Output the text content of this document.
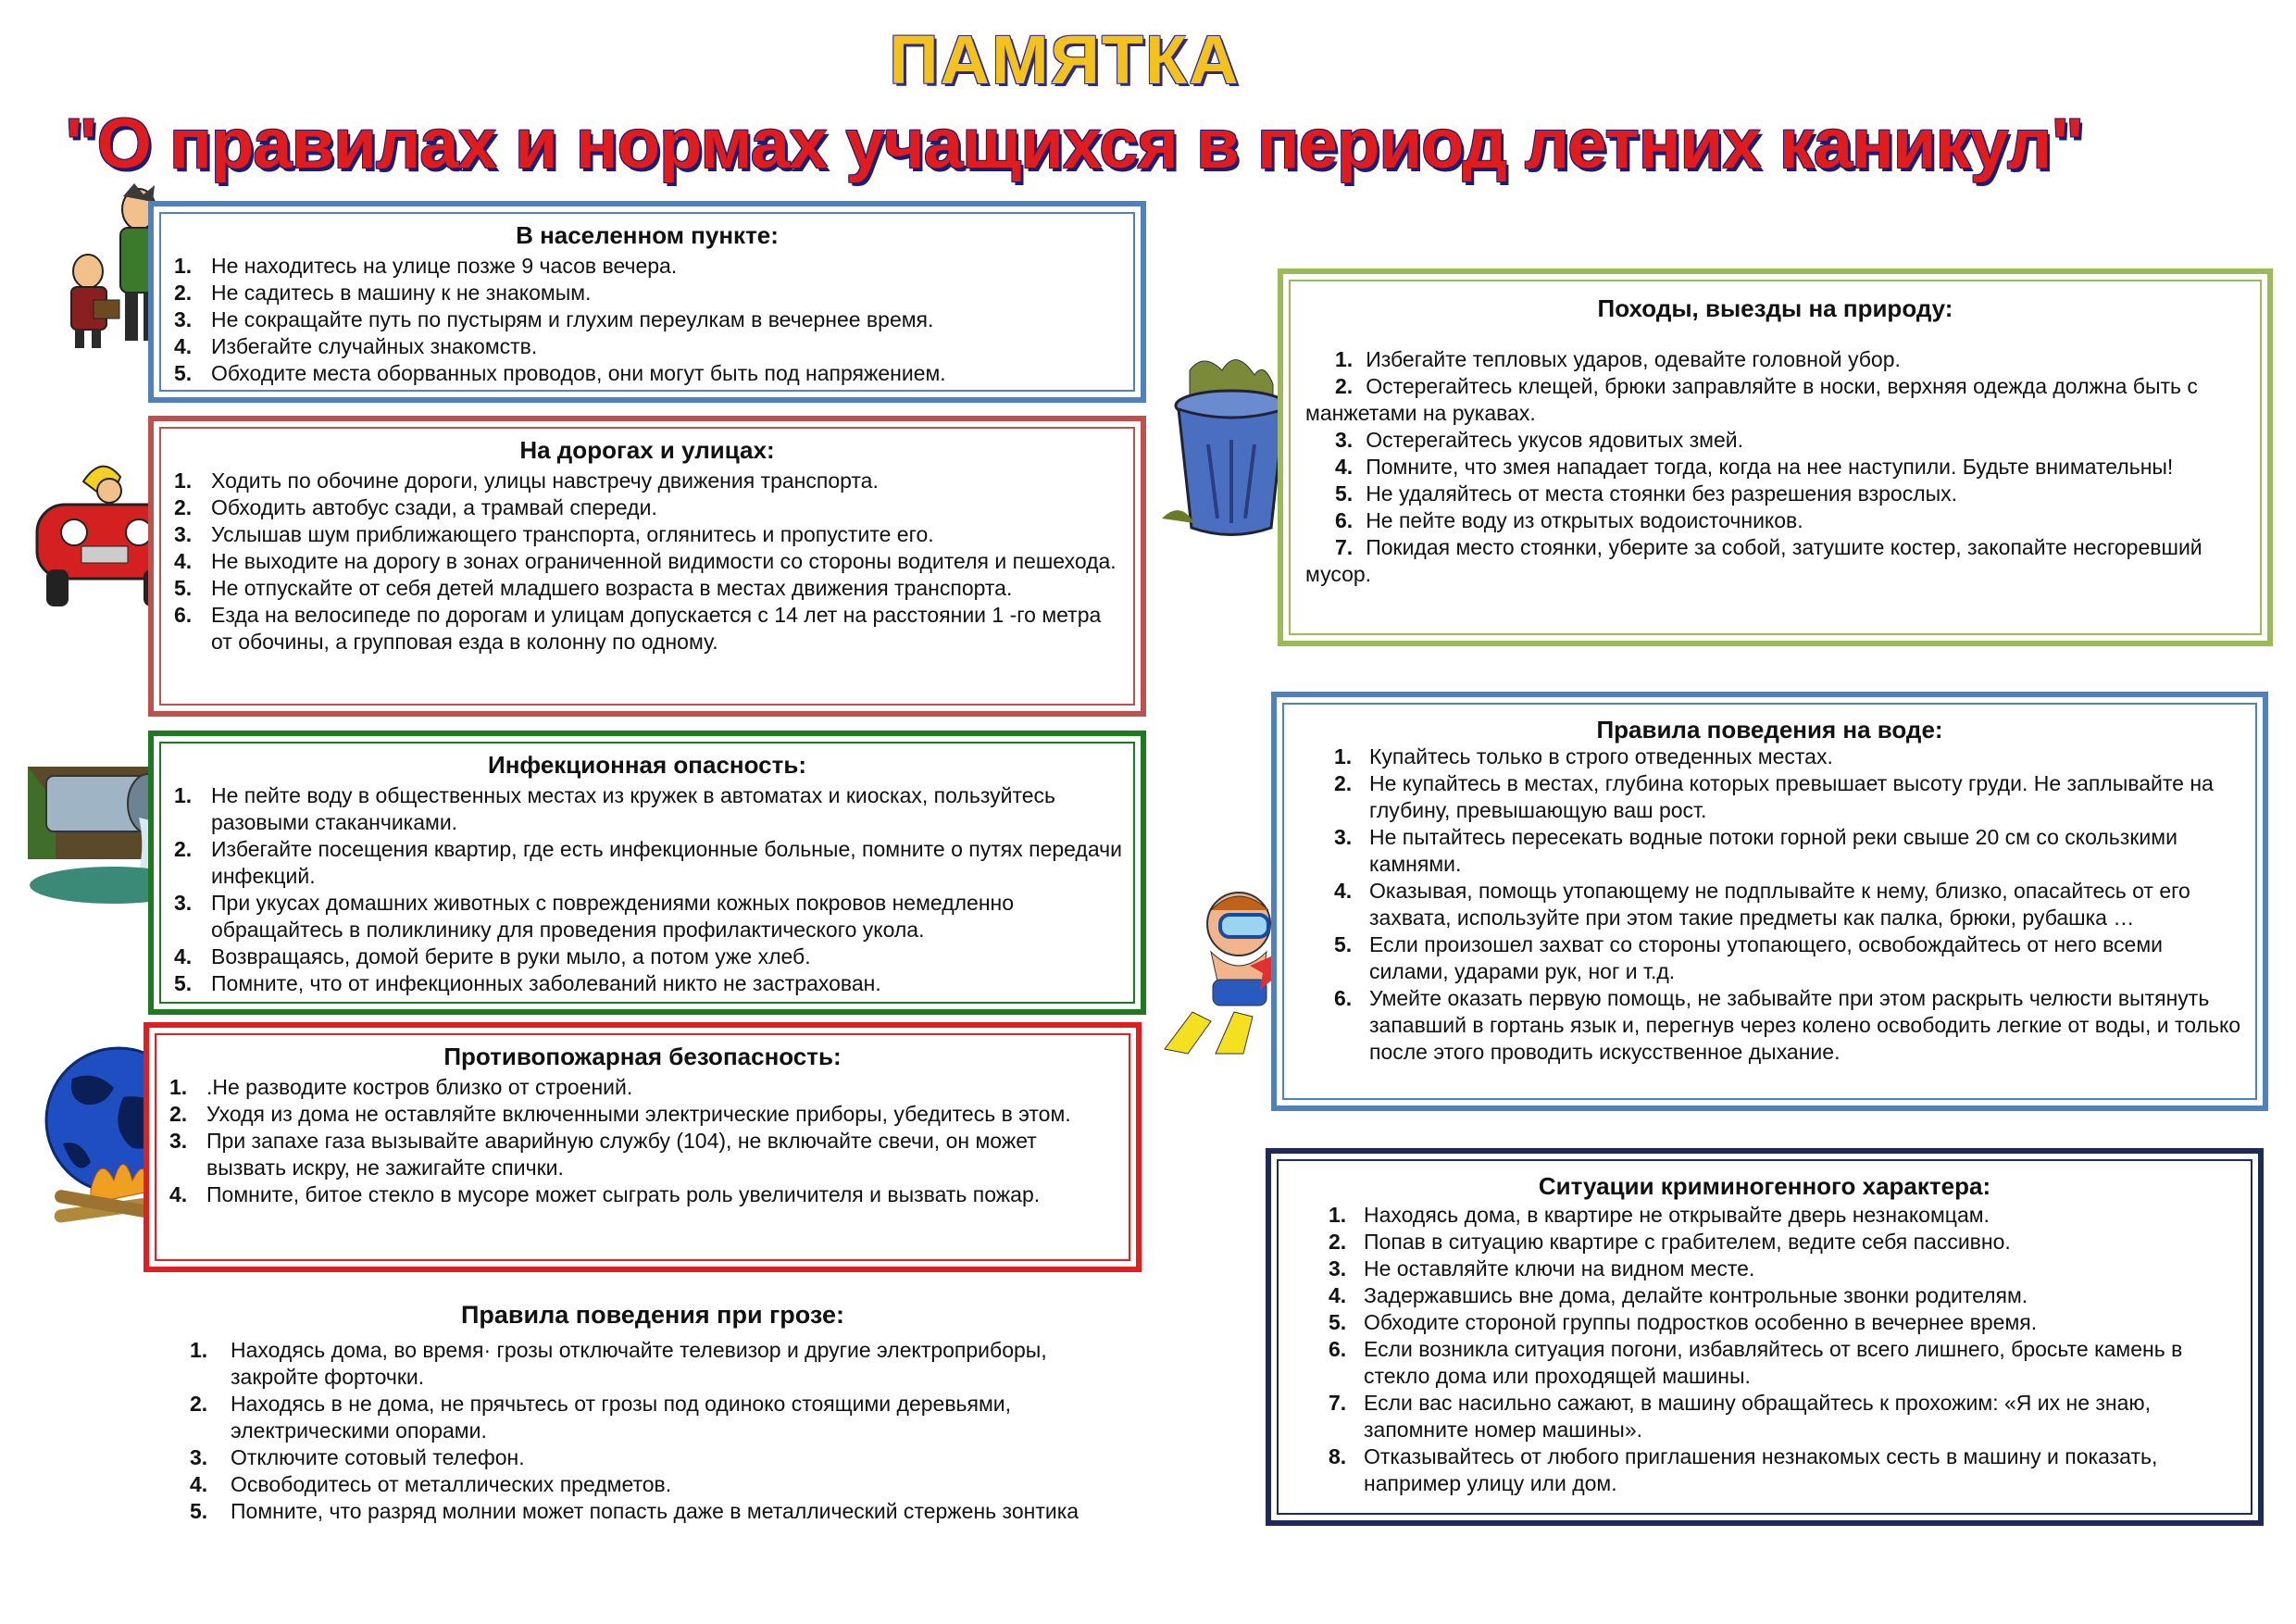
ПАМЯТКА
"О правилах и нормах учащихся в период летних каникул"
В населенном пункте:
1. Не находитесь на улице позже 9 часов вечера.
2. Не садитесь в машину к не знакомым.
3. Не сокращайте путь по пустырям и глухим переулкам в вечернее время.
4. Избегайте случайных знакомств.
5. Обходите места оборванных проводов, они могут быть под напряжением.
На дорогах и улицах:
1. Ходить по обочине дороги, улицы навстречу движения транспорта.
2. Обходить автобус сзади, а трамвай спереди.
3. Услышав шум приближающего транспорта, оглянитесь и пропустите его.
4. Не выходите на дорогу в зонах ограниченной видимости со стороны водителя и пешехода.
5. Не отпускайте от себя детей младшего возраста в местах движения транспорта.
6. Езда на велосипеде по дорогам и улицам допускается с 14 лет на расстоянии 1 -го метра от обочины, а групповая езда в колонну по одному.
Инфекционная опасность:
1. Не пейте воду в общественных местах из кружек в автоматах и киосках, пользуйтесь разовыми стаканчиками.
2. Избегайте посещения квартир, где есть инфекционные больные, помните о путях передачи инфекций.
3. При укусах домашних животных с повреждениями кожных покровов немедленно обращайтесь в поликлинику для проведения профилактического укола.
4. Возвращаясь, домой берите в руки мыло, а потом уже хлеб.
5. Помните, что от инфекционных заболеваний никто не застрахован.
Противопожарная безопасность:
1. .Не разводите костров близко от строений.
2. Уходя из дома не оставляйте включенными электрические приборы, убедитесь в этом.
3. При запахе газа вызывайте аварийную службу (104), не включайте свечи, он может вызвать искру, не зажигайте спички.
4. Помните, битое стекло в мусоре может сыграть роль увеличителя и вызвать пожар.
Правила поведения при грозе:
1. Находясь дома, во время· грозы отключайте телевизор и другие электроприборы, закройте форточки.
2. Находясь в не дома, не прячьтесь от грозы под одиноко стоящими деревьями, электрическими опорами.
3. Отключите сотовый телефон.
4. Освободитесь от металлических предметов.
5. Помните, что разряд молнии может попасть даже в металлический стержень зонтика
Походы, выезды на природу:
1. Избегайте тепловых ударов, одевайте головной убор.
2. Остерегайтесь клещей, брюки заправляйте в носки, верхняя одежда должна быть с манжетами на рукавах.
3. Остерегайтесь укусов ядовитых змей.
4. Помните, что змея нападает тогда, когда на нее наступили. Будьте внимательны!
5. Не удаляйтесь от места стоянки без разрешения взрослых.
6. Не пейте воду из открытых водоисточников.
7. Покидая место стоянки, уберите за собой, затушите костер, закопайте несгоревший мусор.
Правила поведения на воде:
1. Купайтесь только в строго отведенных местах.
2. Не купайтесь в местах, глубина которых превышает высоту груди. Не заплывайте на глубину, превышающую ваш рост.
3. Не пытайтесь пересекать водные потоки горной реки свыше 20 см со скользкими камнями.
4. Оказывая, помощь утопающему не подплывайте к нему, близко, опасайтесь от его захвата, используйте при этом такие предметы как палка, брюки, рубашка …
5. Если произошел захват со стороны утопающего, освобождайтесь от него всеми силами, ударами рук, ног и т.д.
6. Умейте оказать первую помощь, не забывайте при этом раскрыть челюсти вытянуть запавший в гортань язык и, перегнув через колено освободить легкие от воды, и только после этого проводить искусственное дыхание.
Ситуации криминогенного характера:
1. Находясь дома, в квартире не открывайте дверь незнакомцам.
2. Попав в ситуацию квартире с грабителем, ведите себя пассивно.
3. Не оставляйте ключи на видном месте.
4. Задержавшись вне дома, делайте контрольные звонки родителям.
5. Обходите стороной группы подростков особенно в вечернее время.
6. Если возникла ситуация погони, избавляйтесь от всего лишнего, бросьте камень в стекло дома или проходящей машины.
7. Если вас насильно сажают, в машину обращайтесь к прохожим: «Я их не знаю, запомните номер машины».
8. Отказывайтесь от любого приглашения незнакомых сесть в машину и показать, например улицу или дом.
